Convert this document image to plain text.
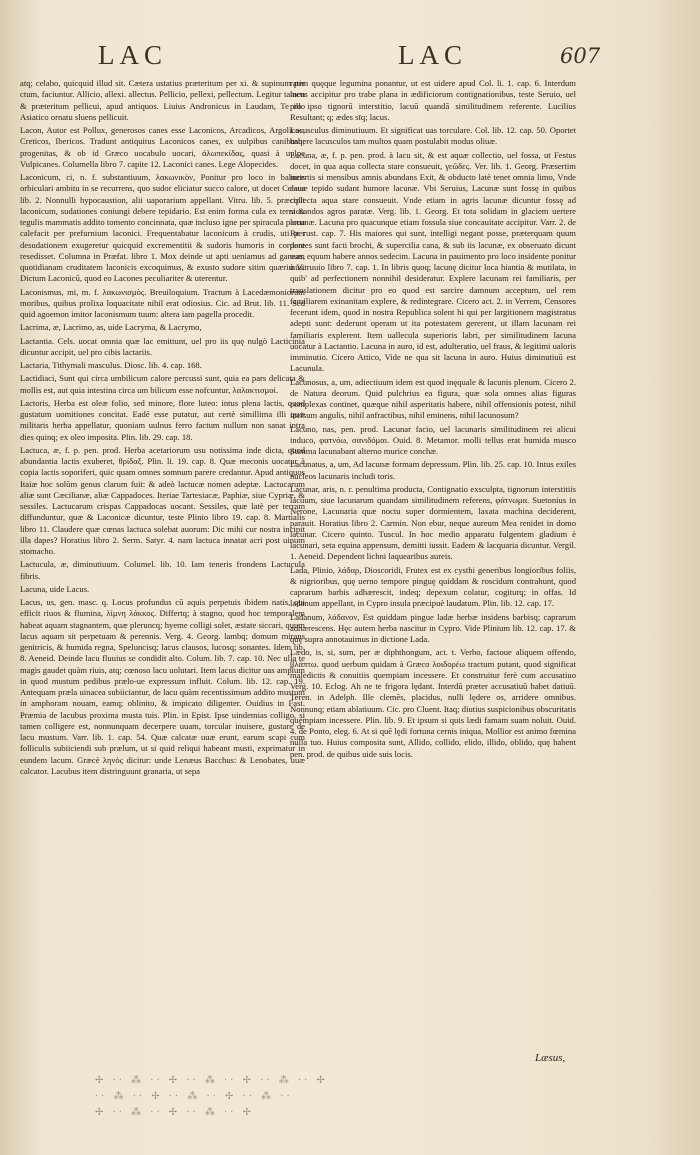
LAC	LAC	607

atq; celabo, quicquid illud sit. Cætera ustatius præteritum per xi. & supinum per ctum, faciuntur. Allicio, allexi. allectus. Pellicio, pellexi, pellectum. Legitur tamen & præteritum pellicui, apud antiquos. Liuius Andronicus in Laudam, Te illo Asiatico ornatu sluens pellicuit.

Lacon, Autor est Pollux, generosos canes esse Laconicos, Arcadicos, Argolicos, Creticos, Ibericos. Tradunt antiquitus Laconicos canes, ex uulpibus canibusq; progenitas, & ob id Græco uocabulo uocari, ἀλωπεκίδας, quasi à uulpe Vulpicanes. Columella libro 7. capite 12. Laconici canes. Lege Alopecides.

Laconicum, ci, n. f. substantiuum, λακωνικὸν, Ponitur pro loco in balneis orbiculari ambitu in se recurrens, quo sudor eliciatur succo calore, ut docet Celsus lib. 2. Nonnulli hypocaustion, alii uaporarium appellant. Vitru. lib. 5. præcipit laconicum, sudationes coniungi debere tepidario. Est enim forma cula ex terra & tegulis mammatis addito tomento concinnata, quæ incluso igne per spiracula parua calefacit per prefurnium laconici. Frequentabatur laconicum à crudis, uti per desudationem exugeretur quicquid excrementitii & sudoris humoris in corpore resedisset. Columna in Præfat. libro 1. Mox deinde ut apti ueniamus ad ganeas, quotidianam cruditatem laconicis excoquimus, & exusto sudore sitim quærimus. Dictum Laconicū, quod eo Lacones peculiariter & uterentur.

Laconismus, mi, m. f. λακωνισμὸς. Breuiloquium. Tractum à Lacedæmoniorum moribus, quibus prolixa loquacitate nihil erat odiosius. Cic. ad Brut. lib. 11. Sed quid agoemon imitor laconismum tuum: altera iam pagella procedit.

Lacrima, æ, Lacrimo, as, uide Lacryma, & Lacrymo,

Lactantia. Cels. uocat omnia quæ lac emittunt, uel pro iis quę nulgò Lacticinia dicuntur accipit, uel pro cibis lactariis.

Lactaria, Tithymali masculus. Diosc. lib. 4. cap. 168.

Lactidiaci, Sunt qui circa umbilicum calore percussi sunt, quia ea pars delicata & mollis est, aut quia intestina circa um bilicum esse nofcuntur, λαλακτισμοί.

Lactoris, Herba est oleæ folio, sed minore, flore luteo: intus plena lactis, quod gustatum uomitiones concitat. Eadē esse putatur, aut certè simillima illi quæ militaris herba appellatur, quoniam uulnus ferro factum nullum non sanat intra dies quinq; ex oleo imposita. Plin. lib. 29. cap. 18.

Lactuca, æ, f. p. pen. prod. Herba acetariorum usu notissima inde dicta, quod abundantia lactis exuberet, θρίδαξ. Plin. li. 19. cap. 8. Quæ meconis uocatur à copia lactis soporiferi, quic quam omnes somnum parere credantur. Apud antiquos Itaiæ hoc solūm genus clarum fuit: & adeò lactucæ nomen adeptæ. Lactucarum aliæ sunt Cæcilianæ, aliæ Cappadoces. Iteriae Tartesiacæ, Paphiæ, siue Cypriæ, & sessiles. Lactucarum crispas Cappadocas uocant. Sessiles, quæ latè per terram diffunduntur, quæ & Laconicæ dicuntur, teste Plinio libro 19. cap. 8. Martialis libro 11. Claudere quæ cœnas lactuca solebat auorum: Dic mihi cur nostra incipit illa dapes? Horatius libro 2. Serm. Satyr. 4. nam lactuca innatat acri post uinum stomacho.

Lactucula, æ, diminutiuum. Columel. lib. 10. Iam teneris frondens Lactucula fibris.

Lacuna, uide Lacus.

Lacus, us, gen. masc. q. Locus profundus cū aquis perpetuis ibidem natis, qui efficit riuos & flumina, λίμνη λάκκος. Differtq; à stagno, quod hoc temporalem habeat aquam stagnantem, quæ pleruncq; hyeme colligi solet, æstate siccari, quum lacus aquam sit perpetuam & perennis. Verg. 4. Georg. lambq; domum mirans genitricis, & humida regna, Speluncisq; lacus clausos, lucosq; sonantes. Idem lib. 8. Aeneid. Deinde lacu fluuius se condidit alto. Colum. lib. 7. cap. 10. Nec ulla te magis gaudet quàm riuis, atq; cœnoso lacu uolutari. Item lacus dicitur uas amplum in quod mustum pedibus prælo-ue expressum influit. Colum. lib. 12. cap. 19. Antequam præla uinacea subiiciantur, de lacu quàm recentissimum addito mustum in amphoram nouam, eamq; oblinito, & impicato diligenter. Ouidius in Fast. Præmia de lacubus proxima musta tuis. Plin. in Epist. Ipse uindemias colligo, si tamen colligere est, nonnunquam decerpere uuam, torcular inuisere, gustare de lacu mustum. Varr. lib. 1. cap. 54. Quæ calcatæ uuæ erunt, earum scapi cum folliculis subiiciendi sub prælum, ut si quid reliqui habeant musti, exprimatur in eundem lacum. Græcè ληνὸς dicitur: unde Lenæus Bacchus: & Lenobates, uuæ calcator. Lacubus item distringuunt granaria, ut sepa

ratim quęque legumina ponantur, ut est uidere apud Col. li. 1. cap. 6. Interdum lacus accipitur pro trabe plana in ædificiorum contignationibus, teste Seruio, uel pro ipso tignorū interstitio, lacuū quandā similitudinem referente. Lucilius Resultant; q; ædes sīq; lacus.

Lacusculus diminutiuum. Et significat uas torculare. Col. lib. 12. cap. 50. Oportet habere lacusculos tam multos quam postulabit modus oliuæ.

Lacuna, æ, f. p. pen. prod. à lacu sit, & est aquæ collectio, uel fossa, ut Festus docet, in qua aqua collecta stare consueuit, γεῶδες. Ver. lib. 1. Georg. Præsertim incertis si mensibus amnis abundans Exit, & obducto latè tenet omnia limo, Vnde cauæ tepido sudant humore lacunæ. Vbi Seruius, Lacunæ sunt fossę in quibus collecta aqua stare consueuit. Vnde etiam in agris lacunæ dicuntur fossę ad siccandos agros paratæ. Verg. lib. 1. Georg. Et tota solidam in glaciem uertere lacunæ. Lacuna pro quacunque etiam fossula siue concauitate accipitur. Varr. 2. de Re rust. cap. 7. His maiores qui sunt, intelligi negant posse, præterquam quum dentes sunt facti brochi, & supercilia cana, & sub iis lacunæ, ex obseruato dicunt eum equum habere annos sedecim. Lacuna in pauimento pro loco insidente ponitur à Vitruuio libro 7. cap. 1. In libris quoq; lacunę dicitur loca hiantia & mutilata, in quib' ad perfectionem nonnihil desideratur. Explere lacunam rei familiaris, per translationem dicitur pro eo quod est sarcire damnum acceptum, uel rem familiarem exinanitam explere, & redintegrare. Cicero act. 2. in Verrem, Censores fecerunt idem, quod in nostra Republica solent hi qui per largitionem magistratus adepti sunt: dederunt operam ut ita potestatem gererent, ut illam lacunam rei familiaris explerent. Item uallecula superioris labri, per similitudinem lacuna uocatur à Lactantio. Lacuna in auro, id est, adulteratio, uel fraus, & legitimi ualoris imminutio. Cicero Attico, Vide ne qua sit lacuna in auro. Huius diminutiuū est Lacunula.

Lacunosus, a, um, adiectiuum idem est quod inęquale & lacunis plenum. Cicero 2. de Natura deorum. Quid pulchrius ea figura, quæ sola omnes alias figuras complexas continet, quæque nihil asperitatis habere, nihil offensionis potest, nihil incisum angulis, nihil anfractibus, nihil eminens, nihil lacunosum?

Lacuno, nas, pen. prod. Lacunar facio, uel lacunaris similitudinem rei alicui induco, φατνόω, σανιδόμαι. Ouid. 8. Metamor. molli tellus erat humida musco Summa lacunabant alterno murice conchæ.

Lacunatus, a, um, Ad lacunæ formam depressum. Plin. lib. 25. cap. 10. Intus exiles nucleos lacunaris includi toris.

Lacunar, aris, n. r. penultima producta, Contignatio exsculpta, tignorum interstitiis lacuum, siue lacunarum quandam similitudinem referens, φάτνωμα. Suetonius in Nerone, Lacunaria quæ noctu super dormientem, laxata machina deciderent, parauit. Horatius libro 2. Carmin. Non ebur, neque aureum Mea renidet in domo lacunar. Cicero quinto. Tuscul. In hoc medio apparatu fulgentem gladium è lacunari, seta equina appensum, demitti iussit. Eadem & lacquaria dicuntur. Vergil. 1. Aeneid. Dependent lichni laquearibus aureis.

Lada, Plinio, λάδαρ, Dioscoridi, Frutex est ex cysthi generibus longioribus foliis, & nigrioribus, quę uerno tempore pinguę quiddam & roscidum contrahunt, quod caprarum barbis adhærescit, indeq; depexum colatur, cogiturq; in offas. Id ladanum appellant, in Cypro insula præcipuè laudatum. Plin. lib. 12. cap. 17.

Ladanum, λάδανον, Est quiddam pingue ladæ herbæ insidens barbisq; caprarum adhærescens. Hęc autem herba nascitur in Cypro. Vide Plinium lib. 12. cap. 17. & quę supra annotauimus in dictione Lada.

Lædo, is, si, sum, per æ diphthongum, act. t. Verbo, factoue aliquem offendo, βλάπτω. quod uerbum quidam à Græco λοιδορέω tractum putant, quod significat maledictis & conuitiis quempiam incessere. Et construitur ferè cum accusatiuo Verg. 10. Eclog. Ah ne te frigora lędant. Interdū præter accusatiuū habet datiuū. Teren. in Adelph. Ille clemēs, placidus, nulli lędere os, arridere omnibus. Nonnunq; etiam ablatiuum. Cic. pro Cluent. Itaq; diutius suspicionibus obscuritatis quempiam incessere. Plin. lib. 9. Et ipsum si quis lædi famam suam noluit. Ouid. 4. de Ponto, eleg. 6. At si quē lędi fortuna cernis iniqua, Mollior est animo fœmina nulla tuo. Huius composita sunt, Allido, collido, elido, illido, oblido, quę habent pen. prod. de quibus uide suis locis.

Læsus,
✢ ·· ⁂ ·· ✢ ·· ⁂ ·· ✢ ·· ⁂ ·· ✢
·· ⁂ ·· ✢ ·· ⁂ ·· ✢ ·· ⁂ ··
✢ ·· ⁂ ·· ✢ ·· ⁂ ·· ✢
